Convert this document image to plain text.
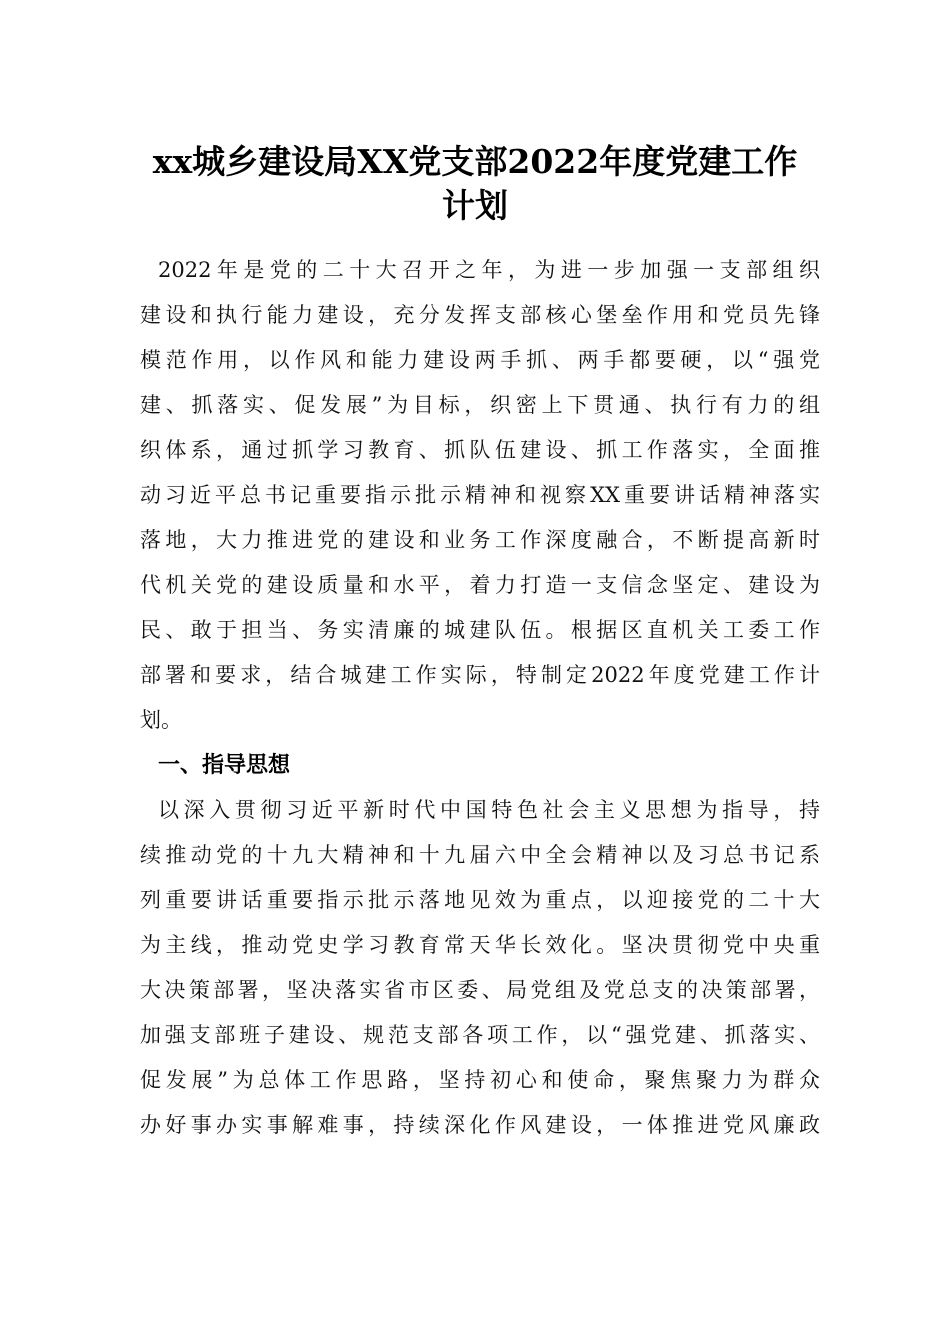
xx城乡建设局XX党支部2022年度党建工作
计划
2022年是党的二十大召开之年，为进一步加强一支部组织
建设和执行能力建设，充分发挥支部核心堡垒作用和党员先锋
模范作用，以作风和能力建设两手抓、两手都要硬，以“强党
建、抓落实、促发展”为目标，织密上下贯通、执行有力的组
织体系，通过抓学习教育、抓队伍建设、抓工作落实，全面推
动习近平总书记重要指示批示精神和视察XX重要讲话精神落实
落地，大力推进党的建设和业务工作深度融合，不断提高新时
代机关党的建设质量和水平，着力打造一支信念坚定、建设为
民、敢于担当、务实清廉的城建队伍。根据区直机关工委工作
部署和要求，结合城建工作实际，特制定2022年度党建工作计
划。
一、指导思想
以深入贯彻习近平新时代中国特色社会主义思想为指导，持
续推动党的十九大精神和十九届六中全会精神以及习总书记系
列重要讲话重要指示批示落地见效为重点，以迎接党的二十大
为主线，推动党史学习教育常天华长效化。坚决贯彻党中央重
大决策部署，坚决落实省市区委、局党组及党总支的决策部署，
加强支部班子建设、规范支部各项工作，以“强党建、抓落实、
促发展”为总体工作思路，坚持初心和使命，聚焦聚力为群众
办好事办实事解难事，持续深化作风建设，一体推进党风廉政
